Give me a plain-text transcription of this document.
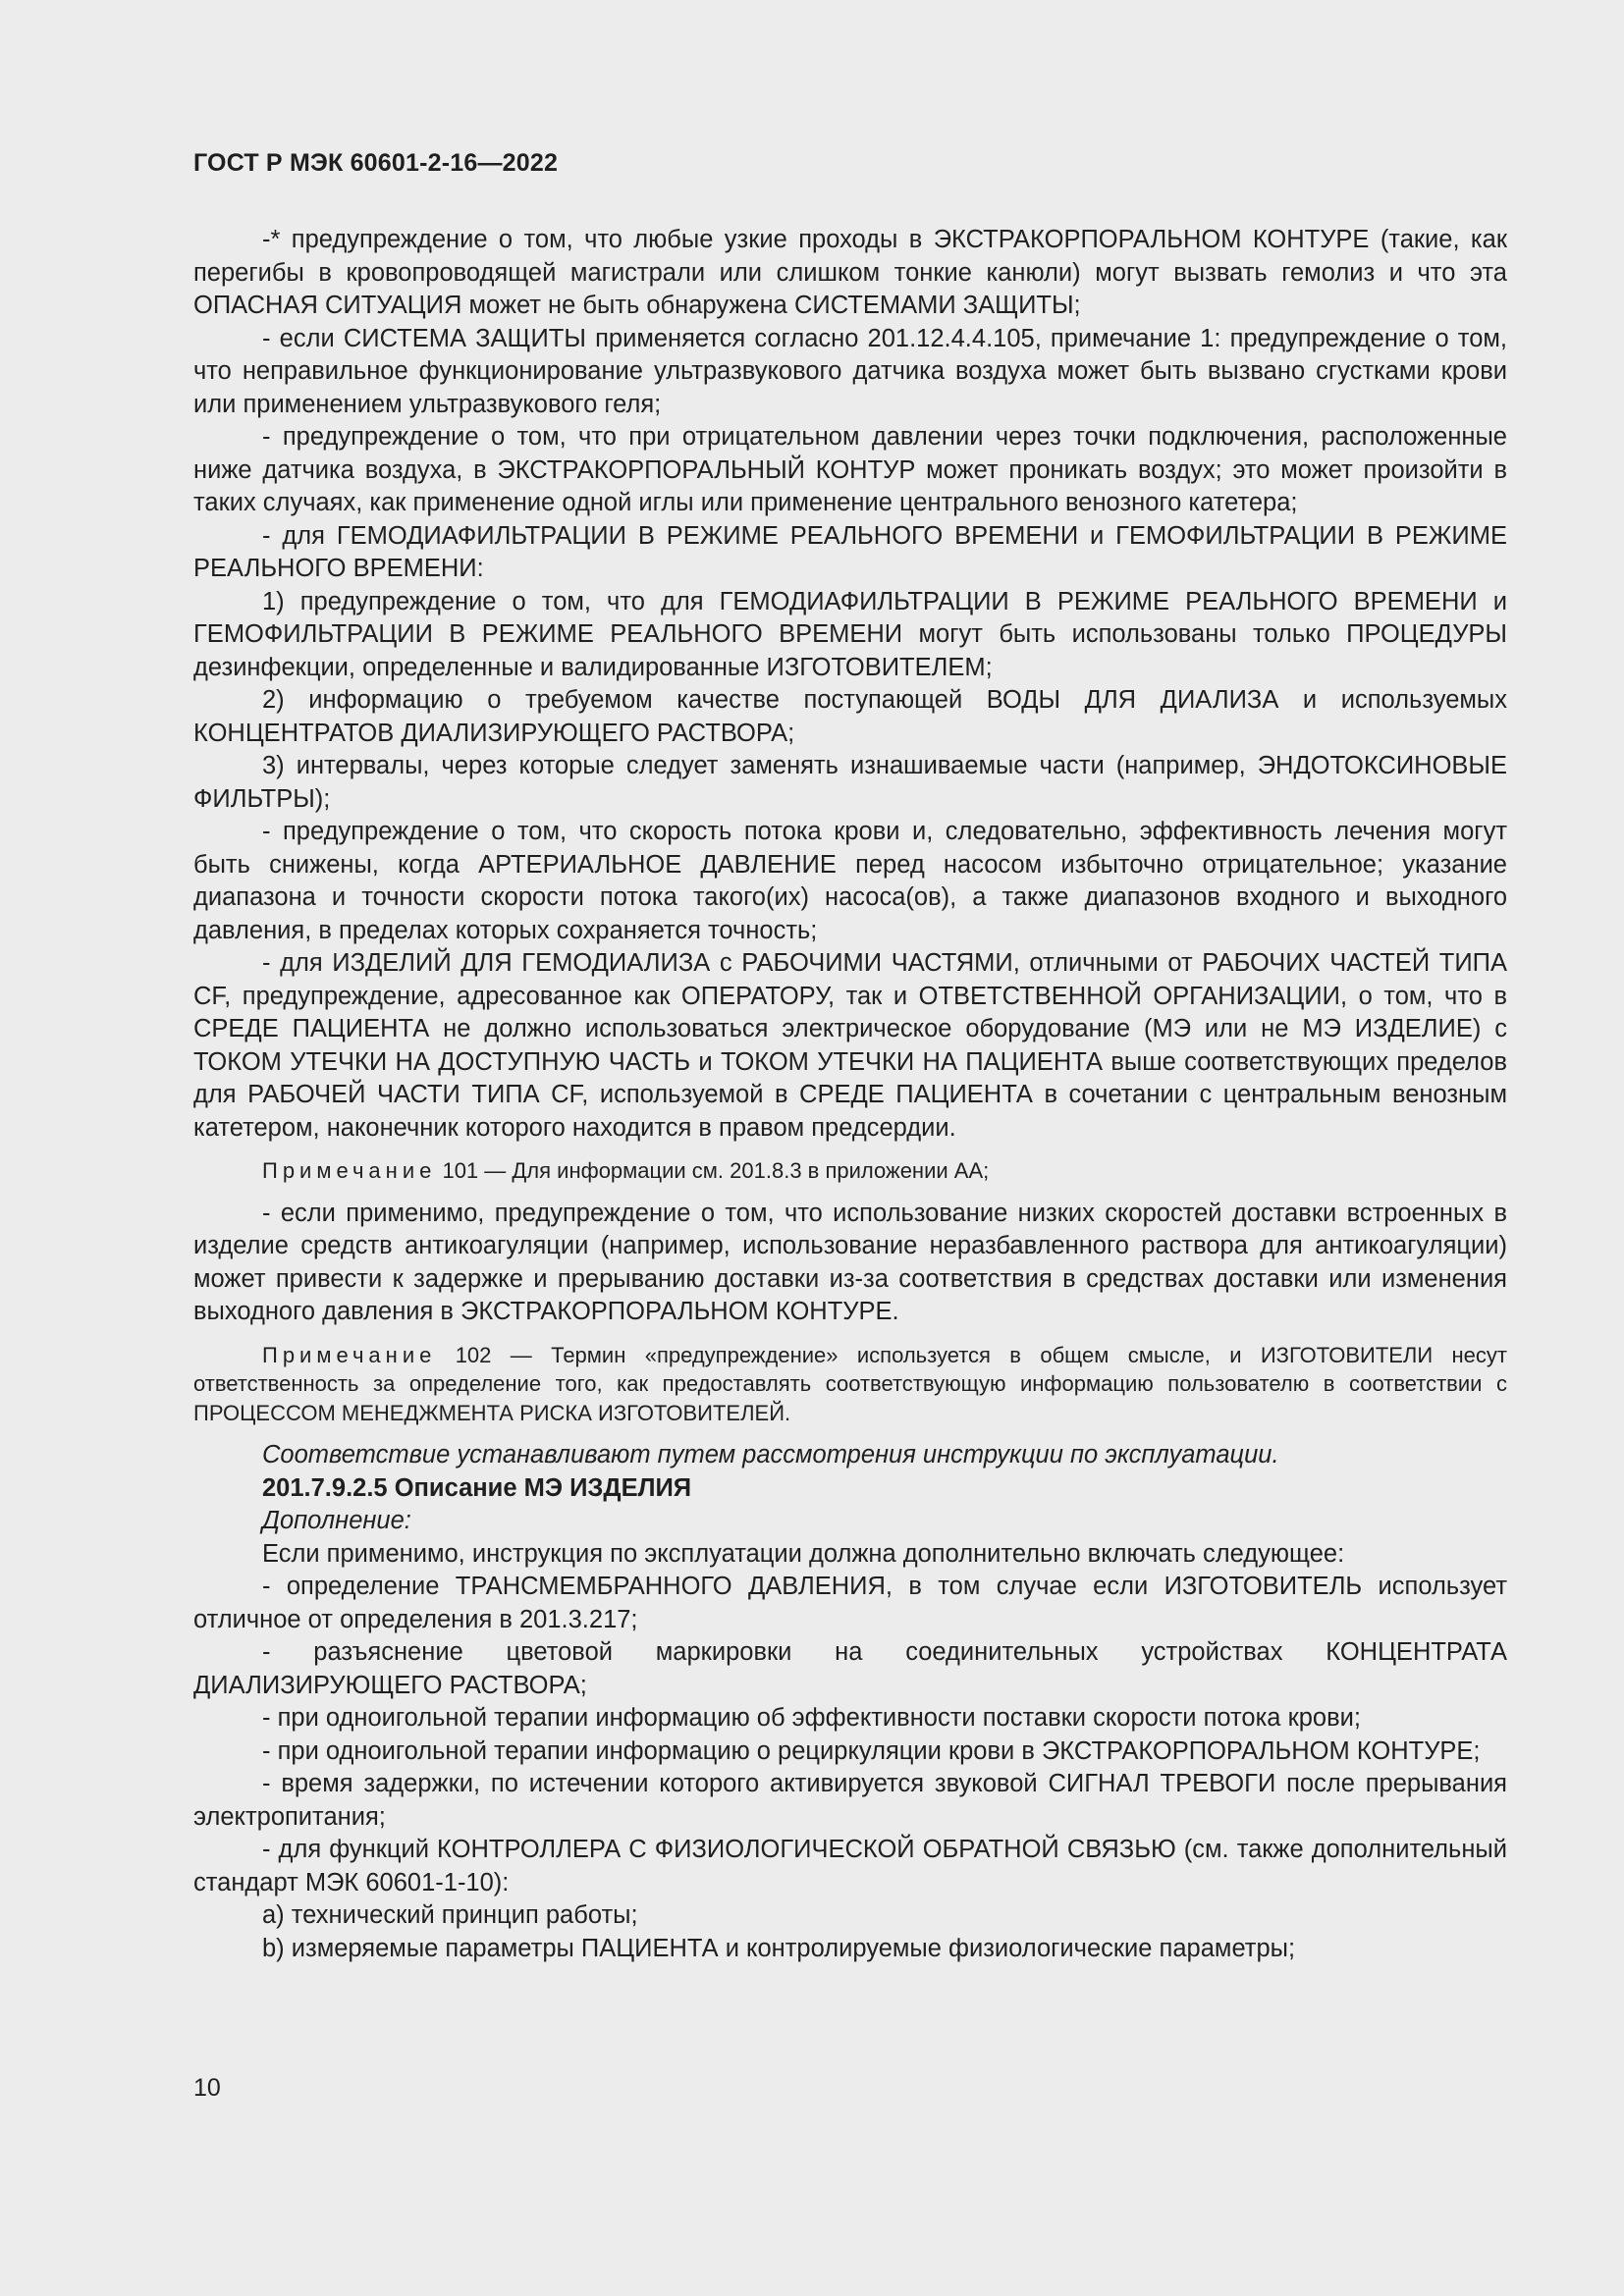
ГОСТ Р МЭК 60601-2-16—2022

-* предупреждение о том, что любые узкие проходы в ЭКСТРАКОРПОРАЛЬНОМ КОНТУРЕ (такие, как перегибы в кровопроводящей магистрали или слишком тонкие канюли) могут вызвать гемолиз и что эта ОПАСНАЯ СИТУАЦИЯ может не быть обнаружена СИСТЕМАМИ ЗАЩИТЫ;

- если СИСТЕМА ЗАЩИТЫ применяется согласно 201.12.4.4.105, примечание 1: предупреждение о том, что неправильное функционирование ультразвукового датчика воздуха может быть вызвано сгустками крови или применением ультразвукового геля;

- предупреждение о том, что при отрицательном давлении через точки подключения, расположенные ниже датчика воздуха, в ЭКСТРАКОРПОРАЛЬНЫЙ КОНТУР может проникать воздух; это может произойти в таких случаях, как применение одной иглы или применение центрального венозного катетера;

- для ГЕМОДИАФИЛЬТРАЦИИ В РЕЖИМЕ РЕАЛЬНОГО ВРЕМЕНИ и ГЕМОФИЛЬТРАЦИИ В РЕЖИМЕ РЕАЛЬНОГО ВРЕМЕНИ:

1) предупреждение о том, что для ГЕМОДИАФИЛЬТРАЦИИ В РЕЖИМЕ РЕАЛЬНОГО ВРЕМЕНИ и ГЕМОФИЛЬТРАЦИИ В РЕЖИМЕ РЕАЛЬНОГО ВРЕМЕНИ могут быть использованы только ПРОЦЕДУРЫ дезинфекции, определенные и валидированные ИЗГОТОВИТЕЛЕМ;

2) информацию о требуемом качестве поступающей ВОДЫ ДЛЯ ДИАЛИЗА и используемых КОНЦЕНТРАТОВ ДИАЛИЗИРУЮЩЕГО РАСТВОРА;

3) интервалы, через которые следует заменять изнашиваемые части (например, ЭНДОТОКСИНОВЫЕ ФИЛЬТРЫ);

- предупреждение о том, что скорость потока крови и, следовательно, эффективность лечения могут быть снижены, когда АРТЕРИАЛЬНОЕ ДАВЛЕНИЕ перед насосом избыточно отрицательное; указание диапазона и точности скорости потока такого(их) насоса(ов), а также диапазонов входного и выходного давления, в пределах которых сохраняется точность;

- для ИЗДЕЛИЙ ДЛЯ ГЕМОДИАЛИЗА с РАБОЧИМИ ЧАСТЯМИ, отличными от РАБОЧИХ ЧАСТЕЙ ТИПА CF, предупреждение, адресованное как ОПЕРАТОРУ, так и ОТВЕТСТВЕННОЙ ОРГАНИЗАЦИИ, о том, что в СРЕДЕ ПАЦИЕНТА не должно использоваться электрическое оборудование (МЭ или не МЭ ИЗДЕЛИЕ) с ТОКОМ УТЕЧКИ НА ДОСТУПНУЮ ЧАСТЬ и ТОКОМ УТЕЧКИ НА ПАЦИЕНТА выше соответствующих пределов для РАБОЧЕЙ ЧАСТИ ТИПА CF, используемой в СРЕДЕ ПАЦИЕНТА в сочетании с центральным венозным катетером, наконечник которого находится в правом предсердии.

Примечание 101 — Для информации см. 201.8.3 в приложении АА;

- если применимо, предупреждение о том, что использование низких скоростей доставки встроенных в изделие средств антикоагуляции (например, использование неразбавленного раствора для антикоагуляции) может привести к задержке и прерыванию доставки из-за соответствия в средствах доставки или изменения выходного давления в ЭКСТРАКОРПОРАЛЬНОМ КОНТУРЕ.

Примечание 102 — Термин «предупреждение» используется в общем смысле, и ИЗГОТОВИТЕЛИ несут ответственность за определение того, как предоставлять соответствующую информацию пользователю в соответствии с ПРОЦЕССОМ МЕНЕДЖМЕНТА РИСКА ИЗГОТОВИТЕЛЕЙ.

Соответствие устанавливают путем рассмотрения инструкции по эксплуатации.

201.7.9.2.5 Описание МЭ ИЗДЕЛИЯ

Дополнение:

Если применимо, инструкция по эксплуатации должна дополнительно включать следующее:

- определение ТРАНСМЕМБРАННОГО ДАВЛЕНИЯ, в том случае если ИЗГОТОВИТЕЛЬ использует отличное от определения в 201.3.217;

- разъяснение цветовой маркировки на соединительных устройствах КОНЦЕНТРАТА ДИАЛИЗИРУЮЩЕГО РАСТВОРА;

- при одноигольной терапии информацию об эффективности поставки скорости потока крови;

- при одноигольной терапии информацию о рециркуляции крови в ЭКСТРАКОРПОРАЛЬНОМ КОНТУРЕ;

- время задержки, по истечении которого активируется звуковой СИГНАЛ ТРЕВОГИ после прерывания электропитания;

- для функций КОНТРОЛЛЕРА С ФИЗИОЛОГИЧЕСКОЙ ОБРАТНОЙ СВЯЗЬЮ (см. также дополнительный стандарт МЭК 60601-1-10):

a) технический принцип работы;

b) измеряемые параметры ПАЦИЕНТА и контролируемые физиологические параметры;

10
